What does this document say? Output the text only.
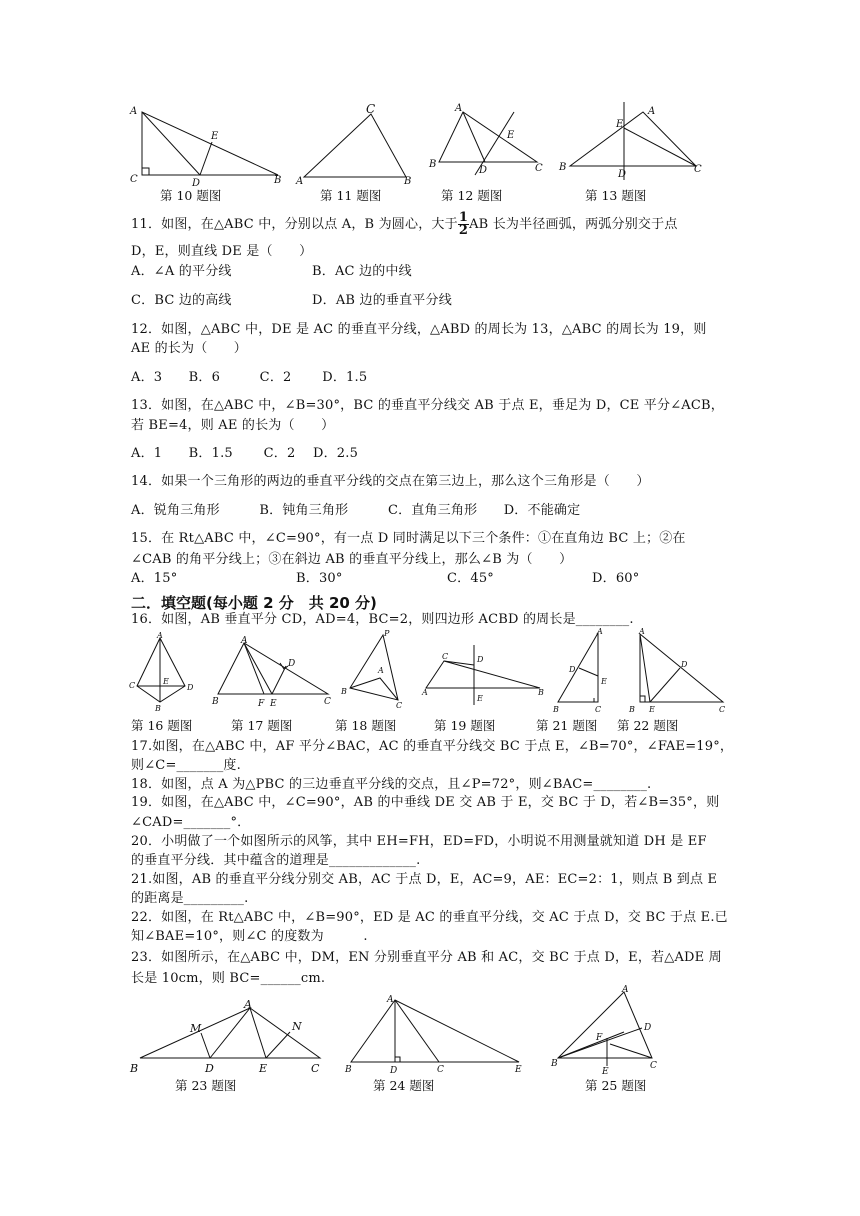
A
C	B
D
E
C
A	B
A
B	C
D
E
A
B	C
D
E
第 10 题图	第 11 题图	第 12 题图	第 13 题图
11．如图，在△ABC 中，分别以点 A，B 为圆心，大于 $\frac{1}{2}$ AB 长为半径画弧，两弧分别交于点
D，E，则直线 DE 是（　　）
A．∠A 的平分线	B．AC 边的中线
C．BC 边的高线	D．AB 边的垂直平分线
12．如图，△ABC 中，DE 是 AC 的垂直平分线，△ABD 的周长为 13，△ABC 的周长为 19，则
AE 的长为（　　）
A．3　　B．6　　　C．2　　 D．1.5
13．如图，在△ABC 中，∠B=30°，BC 的垂直平分线交 AB 于点 E，垂足为 D，CE 平分∠ACB，
若 BE=4，则 AE 的长为（　　）
A．1　　B．1.5　　 C．2　 D．2.5
14．如果一个三角形的两边的垂直平分线的交点在第三边上，那么这个三角形是（　　）
A．锐角三角形　　　B．钝角三角形　　　C．直角三角形　　D．不能确定
15．在 Rt△ABC 中，∠C=90°，有一点 D 同时满足以下三个条件：①在直角边 BC 上；②在
∠CAB 的角平分线上；③在斜边 AB 的垂直平分线上，那么∠B 为（　　）
A．15°	B．30°	C．45°	D．60°
二．填空题(每小题 2 分　共 20 分)
16．如图，AB 垂直平分 CD，AD=4，BC=2，则四边形 ACBD 的周长是________.
A
C	D
E
B
A
B	C
D
F E
P
A
B
C
C
A	B
D
E
A
D
E
B	C
A
D
B E	C
第 16 题图	第 17 题图	第 18 题图	第 19 题图	第 21 题图 第 22 题图
17.如图，在△ABC 中，AF 平分∠BAC，AC 的垂直平分线交 BC 于点 E，∠B=70°，∠FAE=19°，
则∠C=_______度.
18．如图，点 A 为△PBC 的三边垂直平分线的交点，且∠P=72°，则∠BAC=________.
19．如图，在△ABC 中，∠C=90°，AB 的中垂线 DE 交 AB 于 E，交 BC 于 D，若∠B=35°，则
∠CAD=_______°．
20．小明做了一个如图所示的风筝，其中 EH=FH，ED=FD，小明说不用测量就知道 DH 是 EF
的垂直平分线．其中蕴含的道理是_____________.
21.如图，AB 的垂直平分线分别交 AB，AC 于点 D，E，AC=9，AE：EC=2：1，则点 B 到点 E
的距离是_________.
22．如图，在 Rt△ABC 中，∠B=90°，ED 是 AC 的垂直平分线，交 AC 于点 D，交 BC 于点 E.已
知∠BAE=10°，则∠C 的度数为　　　.
23．如图所示，在△ABC 中，DM，EN 分别垂直平分 AB 和 AC，交 BC 于点 D，E，若△ADE 周
长是 10cm，则 BC=______cm.
A
M	N
B	D	E	C
A
B	D	C	E
A
D
F
B
E
C
第 23 题图	第 24 题图	第 25 题图
